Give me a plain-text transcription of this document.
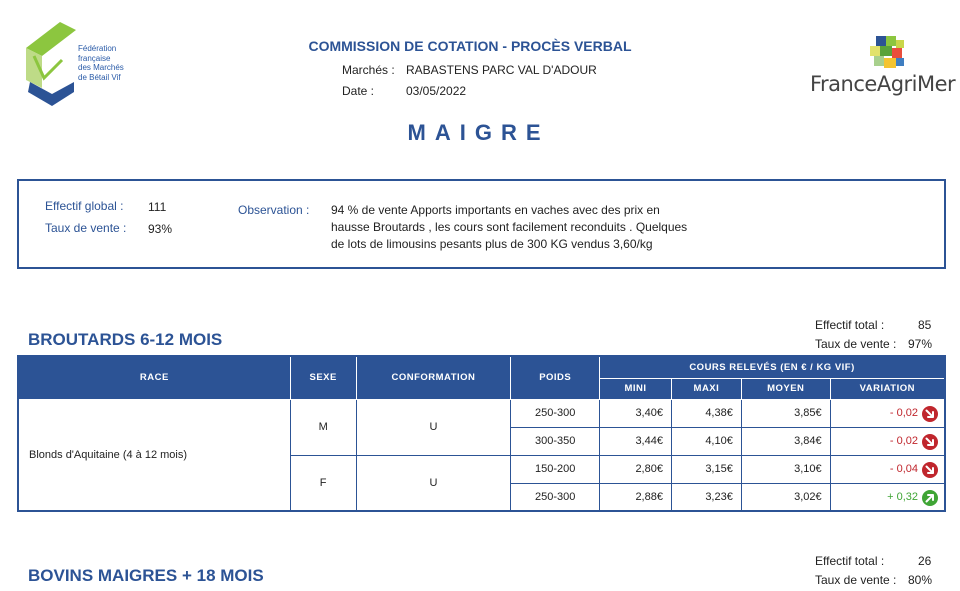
Fédération
française
des Marchés
de Bétail Vif
COMMISSION DE COTATION - PROCÈS VERBAL
Marchés : RABASTENS PARC VAL D'ADOUR
Date :	03/05/2022	FranceAgriMer
MAIGRE
Effectif global : 111
Taux de vente : 93%
Observation : 94 % de vente Apports importants en vaches avec des prix en
hausse Broutards , les cours sont facilement reconduits . Quelques
de lots de limousins pesants plus de 300 KG vendus 3,60/kg
BROUTARDS 6-12 MOIS
Effectif total :	85
Taux de vente : 97%
RACE	SEXE	CONFORMATION	POIDS	COURS RELEVÉS (EN € / KG VIF)			
				MINI	MAXI	MOYEN	VARIATION
Blonds d'Aquitaine (4 à 12 mois)	M	U	250-300	3,40€	4,38€	3,85€	- 0,02

			300-350	3,44€	4,10€	3,84€	- 0,02

	F	U	150-200	2,80€	3,15€	3,10€	- 0,04

			250-300	2,88€	3,23€	3,02€	+ 0,32
BOVINS MAIGRES + 18 MOIS
Effectif total :	26
Taux de vente : 80%
